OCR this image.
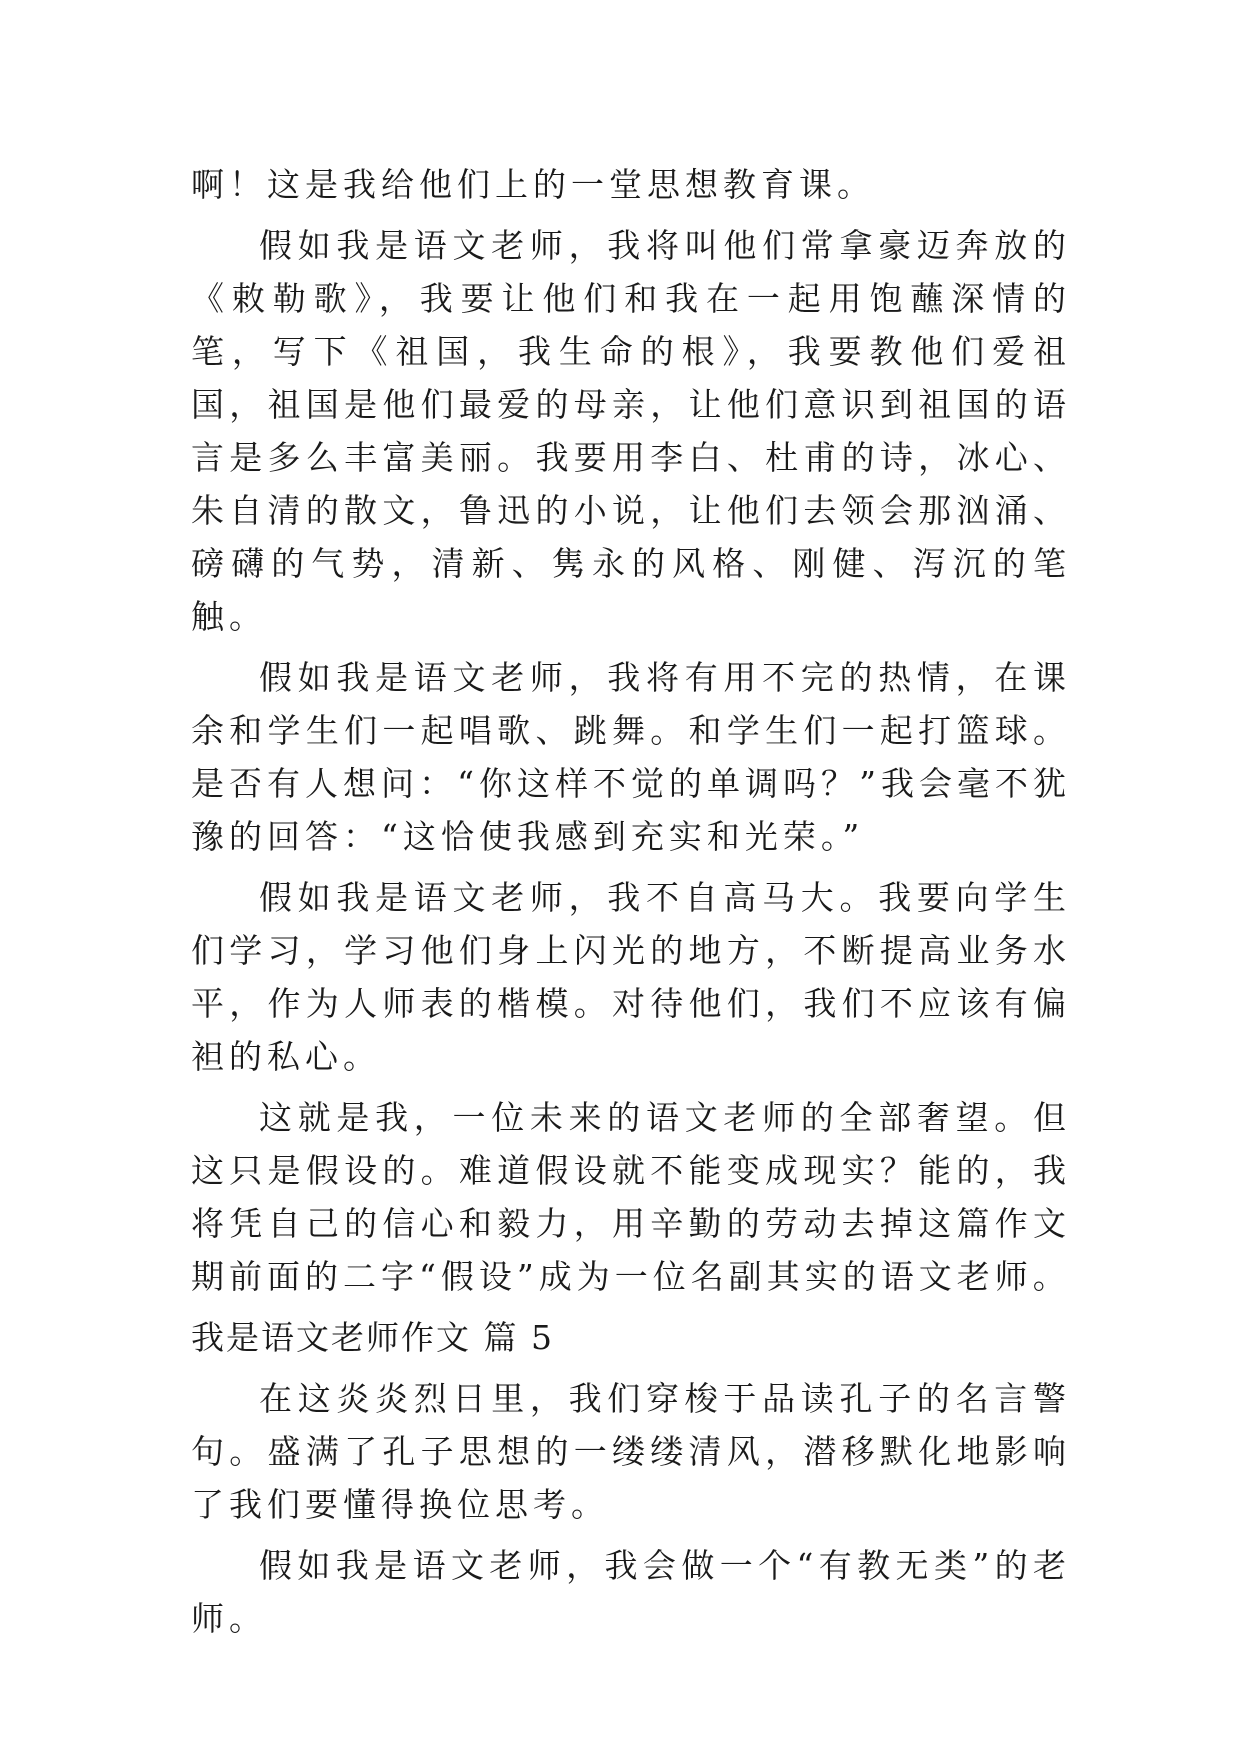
啊！这是我给他们上的一堂思想教育课。

假如我是语文老师，我将叫他们常拿豪迈奔放的《敕勒歌》，我要让他们和我在一起用饱蘸深情的笔，写下《祖国，我生命的根》，我要教他们爱祖国，祖国是他们最爱的母亲，让他们意识到祖国的语言是多么丰富美丽。我要用李白、杜甫的诗，冰心、朱自清的散文，鲁迅的小说，让他们去领会那汹涌、磅礴的气势，清新、隽永的风格、刚健、泻沉的笔触。

假如我是语文老师，我将有用不完的热情，在课余和学生们一起唱歌、跳舞。和学生们一起打篮球。是否有人想问：“你这样不觉的单调吗？”我会毫不犹豫的回答：“这恰使我感到充实和光荣。”

假如我是语文老师，我不自高马大。我要向学生们学习，学习他们身上闪光的地方，不断提高业务水平，作为人师表的楷模。对待他们，我们不应该有偏袒的私心。

这就是我，一位未来的语文老师的全部奢望。但这只是假设的。难道假设就不能变成现实？能的，我将凭自己的信心和毅力，用辛勤的劳动去掉这篇作文期前面的二字“假设”成为一位名副其实的语文老师。

我是语文老师作文 篇 5

在这炎炎烈日里，我们穿梭于品读孔子的名言警句。盛满了孔子思想的一缕缕清风，潜移默化地影响了我们要懂得换位思考。

假如我是语文老师，我会做一个“有教无类”的老师。
